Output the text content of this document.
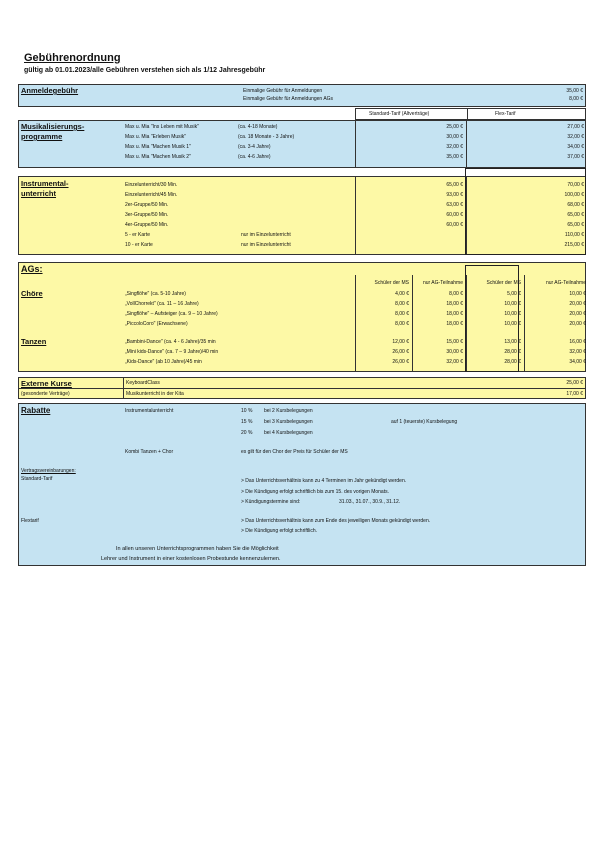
Gebührenordnung
gültig ab 01.01.2023/alle Gebühren verstehen sich als 1/12 Jahresgebühr
Anmeldegebühr	Einmalige Gebühr für Anmeldungen	35,00 €
Einmalige Gebühr für Anmeldungen AGs	8,00 €
Standard-Tarif (Altverträge)	Flex-Tarif
Musikalisierungs-
programme
Max u. Mia "Ins Leben mit Musik"	(ca. 4-18 Monate)	25,00 €	27,00 €
Max u. Mia "Erleben Musik"	(ca. 18 Monate - 3 Jahre)	30,00 €	32,00 €
Max u. Mia "Machen Musik 1"	(ca. 3-4 Jahre)	32,00 €	34,00 €
Max u. Mia "Machen Musik 2"	(ca. 4-6 Jahre)	35,00 €	37,00 €
Instrumental-
unterricht
Einzelunterricht/30 Min.	65,00 €	70,00 €
Einzelunterricht/45 Min.	93,00 €	100,00 €
2er-Gruppe/50 Min.	63,00 €	68,00 €
3er-Gruppe/50 Min.	60,00 €	65,00 €
4er-Gruppe/50 Min.	60,00 €	65,00 €
5 - er Karte	nur im Einzelunterricht	110,00 €
10 - er Karte	nur im Einzelunterricht	215,00 €
AGs:
Schüler der MS	nur AG-Teilnahme	Schüler der MS	nur AG-Teilnahme
Chöre
Tanzen
„Singflöhe" (ca. 5-10 Jahre)	4,00 €	8,00 €	5,00 €	10,00 €
„VollChorrekt" (ca. 11 – 16 Jahre)	8,00 €	18,00 €	10,00 €	20,00 €
„Singflöhe" – Aufsteiger (ca. 9 – 10 Jahre)	8,00 €	18,00 €	10,00 €	20,00 €
„PiccoloCoro" (Erwachsene)	8,00 €	18,00 €	10,00 €	20,00 €
„Bambini-Dance" (ca. 4 - 6 Jahre)/35 min	12,00 €	15,00 €	13,00 €	16,00 €
„Mini kids-Dance" (ca. 7 – 9 Jahre)/40 min	26,00 €	30,00 €	28,00 €	32,00 €
„Kids-Dance" (ab 10 Jahre)/45 min	26,00 €	32,00 €	28,00 €	34,00 €
Externe Kurse
(gesonderte Verträge)
KeyboardClass	25,00 €
Musikunterricht in der Kita	17,00 €
Rabatte	Instrumentalunterricht	10 % bei 2 Kursbelegungen
15 % bei 3 Kursbelegungen	auf 1 (teuerste) Kursbelegung
20 % bei 4 Kursbelegungen
Kombi Tanzen + Chor	es gilt für den Chor der Preis für Schüler der MS
Vertragsvereinbarungen:
Standard-Tarif	> Das Unterrichtsverhältnis kann zu 4 Terminen im Jahr gekündigt werden.
> Die Kündigung erfolgt schriftlich bis zum 15. des vorigen Monats.
> Kündigungstermine sind:	31.03., 31.07., 30.9., 31.12.
Flextarif	> Das Unterrichtsverhältnis kann zum Ende des jeweiligen Monats gekündigt werden.
> Die Kündigung erfolgt schriftlich.
In allen unseren Unterrichtsprogrammen haben Sie die Möglichkeit
Lehrer und Instrument in einer kostenlosen Probestunde kennenzulernen.
